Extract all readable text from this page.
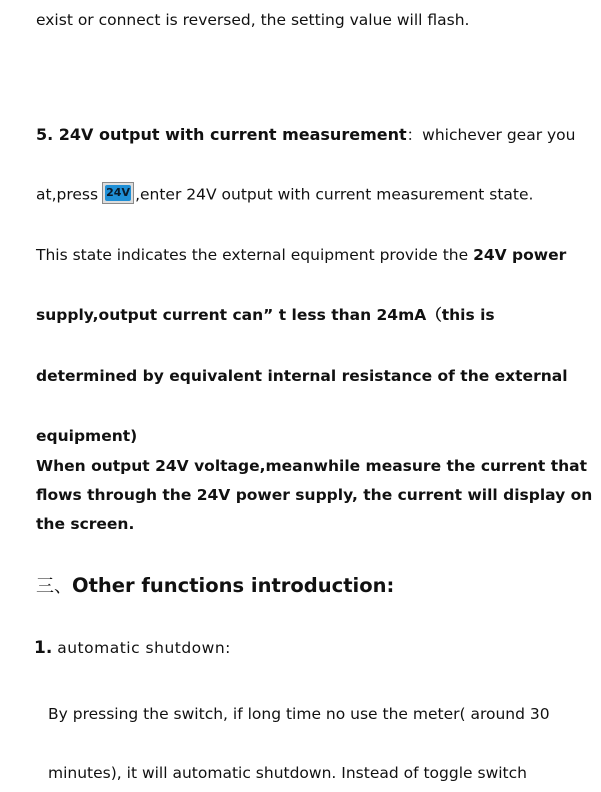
exist or connect is reversed, the setting value will flash.
5. 24V output with current measurement：whichever gear you
at,press 24V ,enter 24V output with current measurement state.
This state indicates the external equipment provide the 24V power
supply,output current can” t less than 24mA（this is
determined by equivalent internal resistance of the external
equipment)
When output 24V voltage,meanwhile measure the current that
flows through the 24V power supply, the current will display on
the screen.
三、Other functions introduction:
1. automatic shutdown:
By pressing the switch, if long time no use the meter( around 30
minutes), it will automatic shutdown. Instead of toggle switch
